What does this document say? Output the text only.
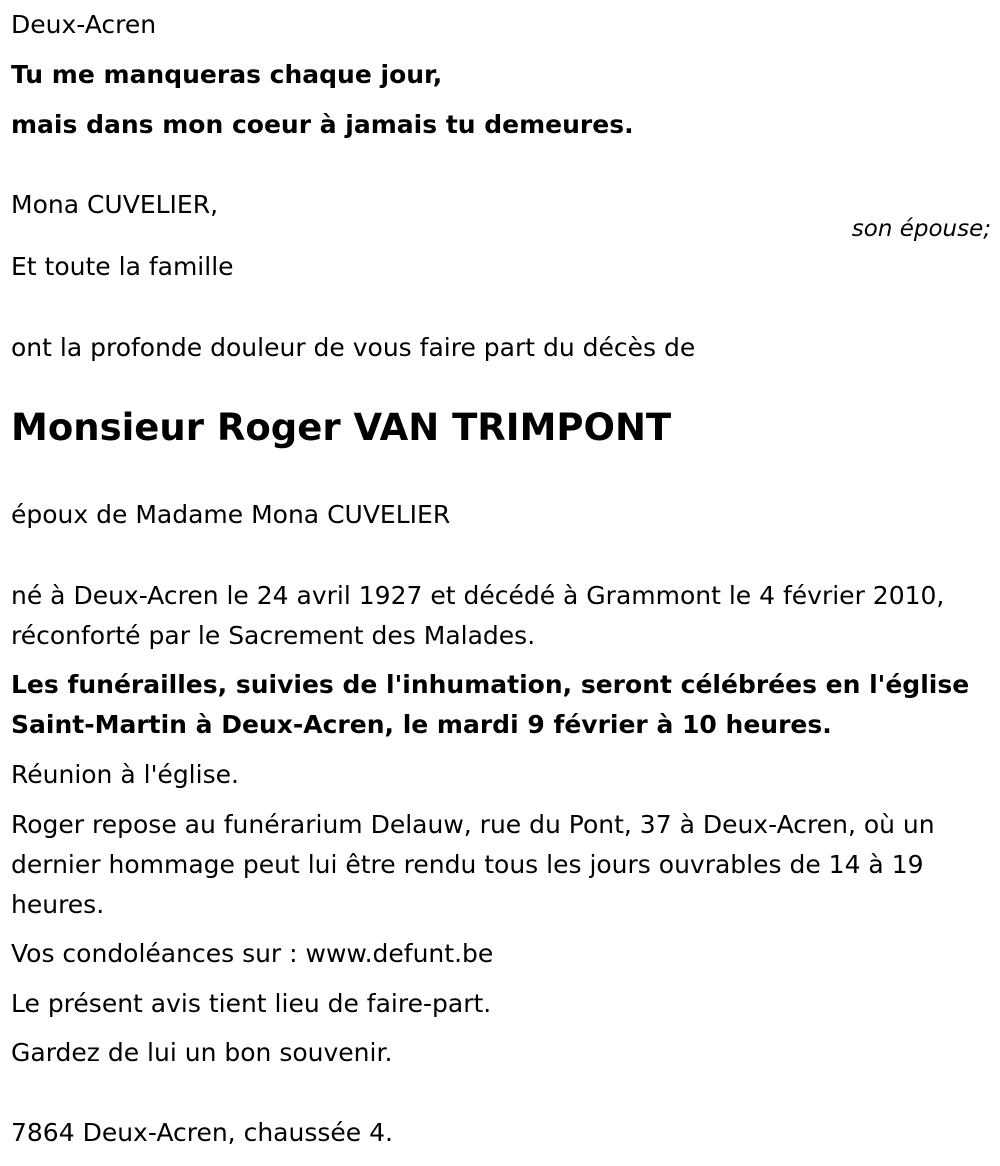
Deux-Acren

Tu me manqueras chaque jour,

mais dans mon coeur à jamais tu demeures.

Mona CUVELIER,

son épouse;

Et toute la famille

ont la profonde douleur de vous faire part du décès de

Monsieur Roger VAN TRIMPONT

époux de Madame Mona CUVELIER

né à Deux-Acren le 24 avril 1927 et décédé à Grammont le 4 février 2010, réconforté par le Sacrement des Malades.

Les funérailles, suivies de l'inhumation, seront célébrées en l'église Saint-Martin à Deux-Acren, le mardi 9 février à 10 heures.

Réunion à l'église.

Roger repose au funérarium Delauw, rue du Pont, 37 à Deux-Acren, où un dernier hommage peut lui être rendu tous les jours ouvrables de 14 à 19 heures.

Vos condoléances sur : www.defunt.be

Le présent avis tient lieu de faire-part.

Gardez de lui un bon souvenir.

7864 Deux-Acren, chaussée 4.
